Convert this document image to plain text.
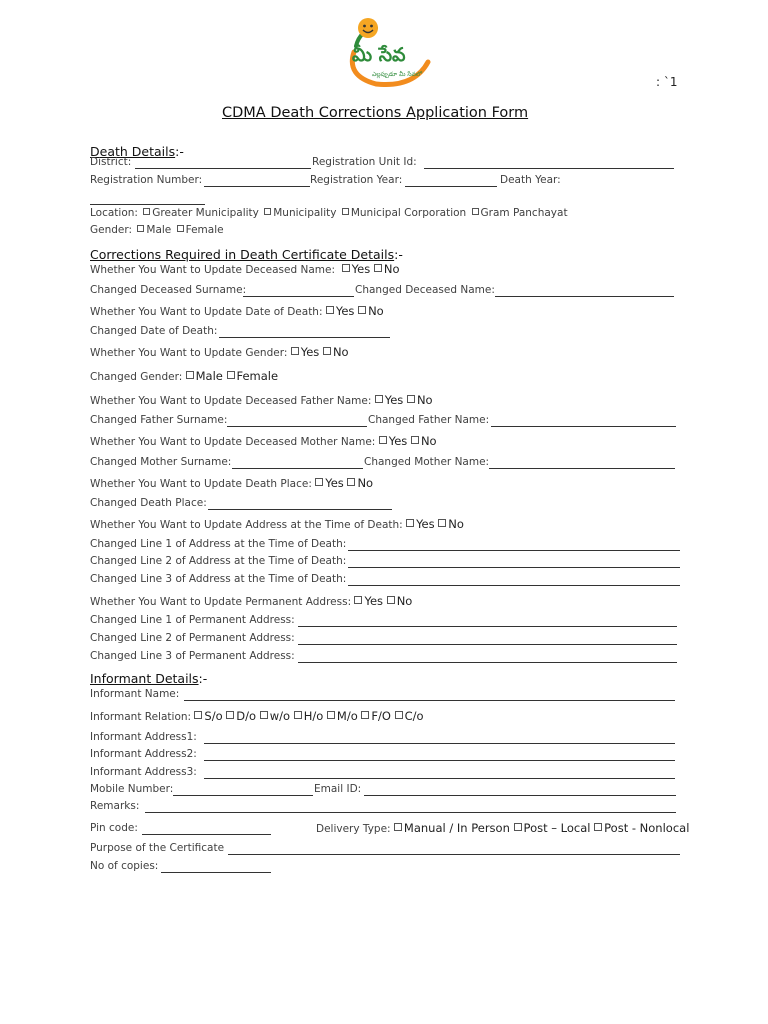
మీ సేవ
ఎల్లప్పుడూ మీ సేవలో
: `1
CDMA Death Corrections Application Form
Death Details:-
District:	Registration Unit Id:
Registration Number:	Registration Year:	Death Year:
Location: Greater Municipality Municipality Municipal Corporation Gram Panchayat
Gender: Male Female
Corrections Required in Death Certificate Details:-
Whether You Want to Update Deceased Name: Yes No
Changed Deceased Surname:	Changed Deceased Name:
Whether You Want to Update Date of Death: Yes No
Changed Date of Death:
Whether You Want to Update Gender: Yes No
Changed Gender: Male Female
Whether You Want to Update Deceased Father Name: Yes No
Changed Father Surname:	Changed Father Name:
Whether You Want to Update Deceased Mother Name: Yes No
Changed Mother Surname:	Changed Mother Name:
Whether You Want to Update Death Place: Yes No
Changed Death Place:
Whether You Want to Update Address at the Time of Death: Yes No
Changed Line 1 of Address at the Time of Death:
Changed Line 2 of Address at the Time of Death:
Changed Line 3 of Address at the Time of Death:
Whether You Want to Update Permanent Address: Yes No
Changed Line 1 of Permanent Address:
Changed Line 2 of Permanent Address:
Changed Line 3 of Permanent Address:
Informant Details:-
Informant Name:
Informant Relation: S/o D/o w/o H/o M/o F/O C/o
Informant Address1:
Informant Address2:
Informant Address3:
Mobile Number:	Email ID:
Remarks:
Pin code:	Delivery Type: Manual / In Person Post – Local Post - Nonlocal
Purpose of the Certificate
No of copies:
